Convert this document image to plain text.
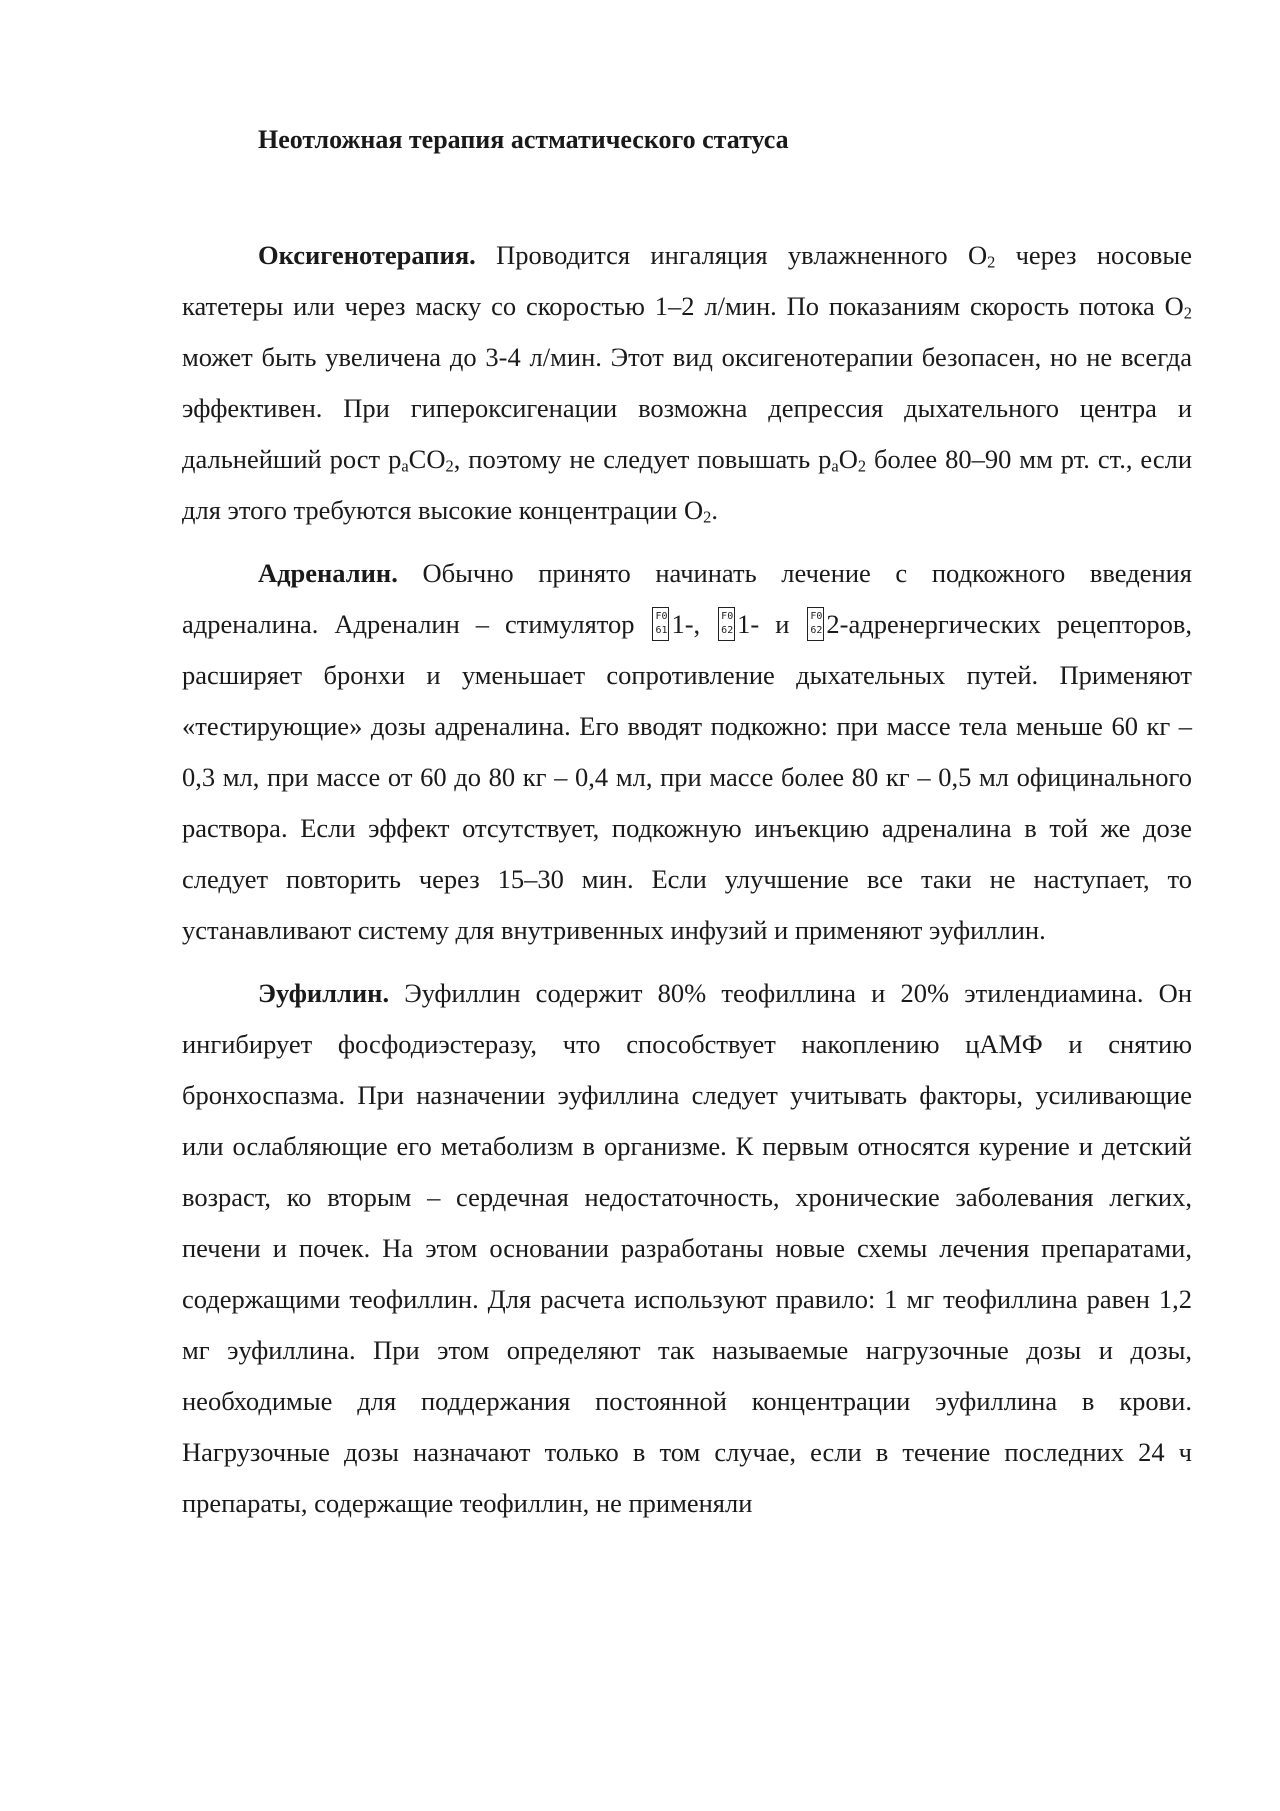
Неотложная терапия астматического статуса

Оксигенотерапия. Проводится ингаляция увлажненного $O_2$ через носовые катетеры или через маску со скоростью 1–2 л/мин. По показаниям скорость потока $O_2$ может быть увеличена до 3-4 л/мин. Этот вид оксигенотерапии безопасен, но не всегда эффективен. При гипероксигенации возможна депрессия дыхательного центра и дальнейший рост $p_aCO_2$, поэтому не следует повышать $p_aO_2$ более 80–90 мм рт. ст., если для этого требуются высокие концентрации $O_2$.

Адреналин. Обычно принято начинать лечение с подкожного введения адреналина. Адреналин – стимулятор F0
61 1-, F0
62 1- и F0
62 2-адренергических рецепторов, расширяет бронхи и уменьшает сопротивление дыхательных путей. Применяют «тестирующие» дозы адреналина. Его вводят подкожно: при массе тела меньше 60 кг – 0,3 мл, при массе от 60 до 80 кг – 0,4 мл, при массе более 80 кг – 0,5 мл официнального раствора. Если эффект отсутствует, подкожную инъекцию адреналина в той же дозе следует повторить через 15–30 мин. Если улучшение все таки не наступает, то устанавливают систему для внутривенных инфузий и применяют эуфиллин.

Эуфиллин. Эуфиллин содержит 80% теофиллина и 20% этилендиамина. Он ингибирует фосфодиэстеразу, что способствует накоплению цАМФ и снятию бронхоспазма. При назначении эуфиллина следует учитывать факторы, усиливающие или ослабляющие его метаболизм в организме. К первым относятся курение и детский возраст, ко вторым – сердечная недостаточность, хронические заболевания легких, печени и почек. На этом основании разработаны новые схемы лечения препаратами, содержащими теофиллин. Для расчета используют правило: 1 мг теофиллина равен 1,2 мг эуфиллина. При этом определяют так называемые нагрузочные дозы и дозы, необходимые для поддержания постоянной концентрации эуфиллина в крови. Нагрузочные дозы назначают только в том случае, если в течение последних 24 ч препараты, содержащие теофиллин, не применяли
